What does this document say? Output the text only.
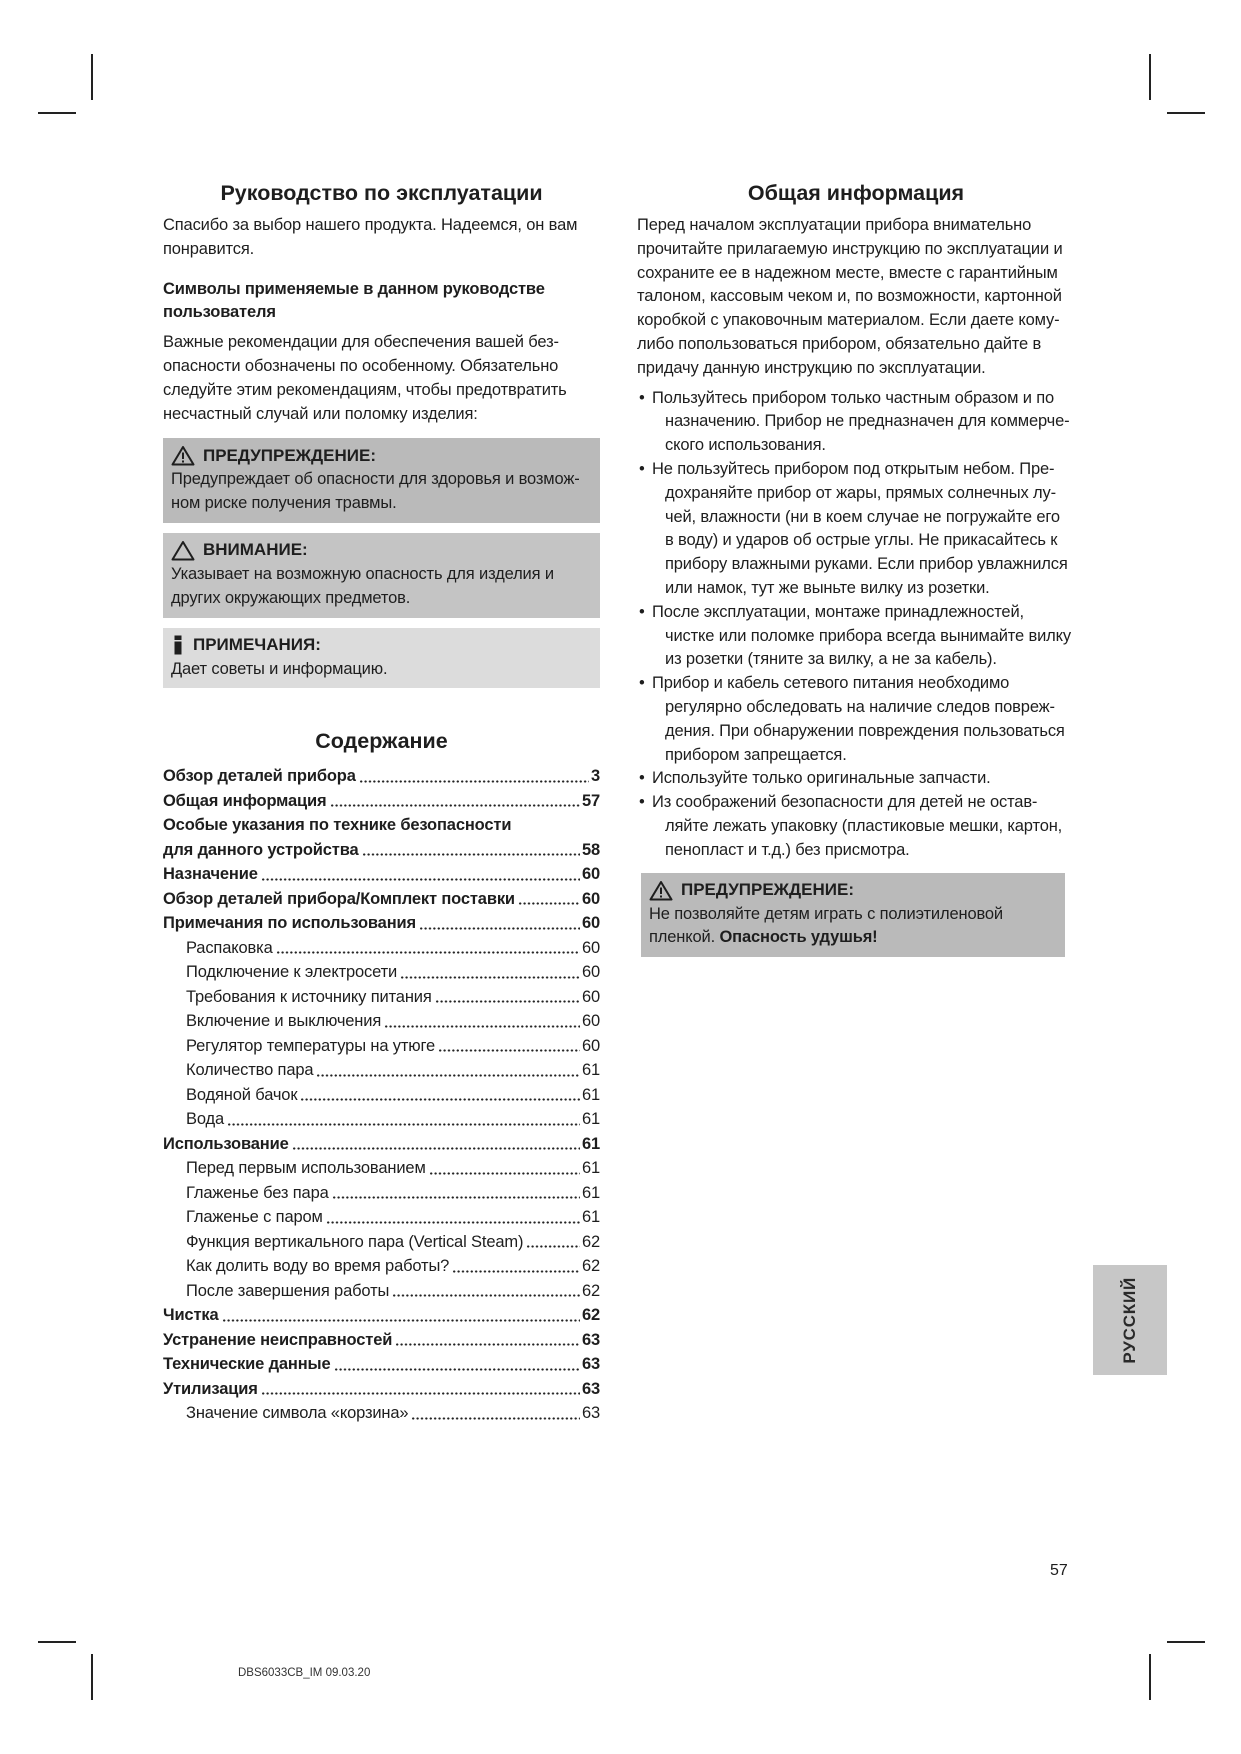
Руководство по эксплуатации
Спасибо за выбор нашего продукта. Надеемся, он вам
понравится.
Символы применяемые в данном руководстве
пользователя
Важные рекомендации для обеспечения вашей без-
опасности обозначены по особенному. Обязательно
следуйте этим рекомендациям, чтобы предотвратить
несчастный случай или поломку изделия:
ПРЕДУПРЕЖДЕНИЕ:
Предупреждает об опасности для здоровья и возмож-
ном риске получения травмы.
ВНИМАНИЕ:
Указывает на возможную опасность для изделия и
других окружающих предметов.
ПРИМЕЧАНИЯ:
Дает советы и информацию.
Содержание
Обзор деталей прибора	3
Общая информация	57
Особые указания по технике безопасности
для данного устройства	58
Назначение	60
Обзор деталей прибора/Комплект поставки	60
Примечания по использования	60
Распаковка	60
Подключение к электросети	60
Требования к источнику питания	60
Включение и выключения	60
Регулятор температуры на утюге	60
Количество пара	61
Водяной бачок	61
Вода	61
Использование	61
Перед первым использованием	61
Глаженье без пара	61
Глаженье с паром	61
Функция вертикального пара (Vertical Steam)	62
Как долить воду во время работы?	62
После завершения работы	62
Чистка	62
Устранение неисправностей	63
Технические данные	63
Утилизация	63
Значение символа «корзина»	63
Общая информация
Перед началом эксплуатации прибора внимательно
прочитайте прилагаемую инструкцию по эксплуатации и
сохраните ее в надежном месте, вместе с гарантийным
талоном, кассовым чеком и, по возможности, картонной
коробкой с упаковочным материалом. Если даете кому-
либо попользоваться прибором, обязательно дайте в
придачу данную инструкцию по эксплуатации.
• Пользуйтесь прибором только частным образом и по
назначению. Прибор не предназначен для коммерче-
ского использования.
• Не пользуйтесь прибором под открытым небом. Пре-
дохраняйте прибор от жары, прямых солнечных лу-
чей, влажности (ни в коем случае не погружайте его
в воду) и ударов об острые углы. Не прикасайтесь к
прибору влажными руками. Если прибор увлажнился
или намок, тут же выньте вилку из розетки.
• После эксплуатации, монтаже принадлежностей,
чистке или поломке прибора всегда вынимайте вилку
из розетки (тяните за вилку, а не за кабель).
• Прибор и кабель сетевого питания необходимо
регулярно обследовать на наличие следов повреж-
дения. При обнаружении повреждения пользоваться
прибором запрещается.
• Используйте только оригинальные запчасти.
• Из соображений безопасности для детей не остав-
ляйте лежать упаковку (пластиковые мешки, картон,
пенопласт и т.д.) без присмотра.
ПРЕДУПРЕЖДЕНИЕ:
Не позволяйте детям играть с полиэтиленовой
пленкой. Опасность удушья!
РУССКИЙ
57
DBS6033CB_IM 09.03.20
